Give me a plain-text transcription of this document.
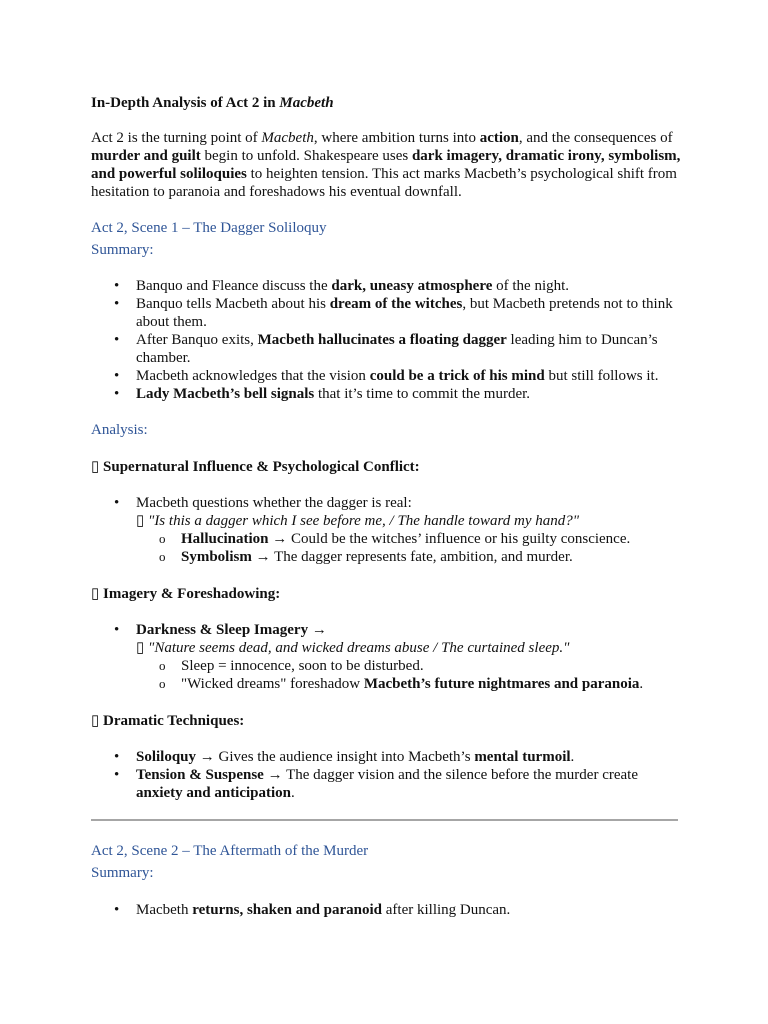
In-Depth Analysis of Act 2 in Macbeth
Act 2 is the turning point of Macbeth, where ambition turns into action, and the consequences of murder and guilt begin to unfold. Shakespeare uses dark imagery, dramatic irony, symbolism, and powerful soliloquies to heighten tension. This act marks Macbeth’s psychological shift from hesitation to paranoia and foreshadows his eventual downfall.
Act 2, Scene 1 – The Dagger Soliloquy
Summary:
• Banquo and Fleance discuss the dark, uneasy atmosphere of the night.
• Banquo tells Macbeth about his dream of the witches, but Macbeth pretends not to think about them.
• After Banquo exits, Macbeth hallucinates a floating dagger leading him to Duncan’s chamber.
• Macbeth acknowledges that the vision could be a trick of his mind but still follows it.
• Lady Macbeth’s bell signals that it’s time to commit the murder.
Analysis:
▯ Supernatural Influence & Psychological Conflict:
• Macbeth questions whether the dagger is real:
▯ "Is this a dagger which I see before me, / The handle toward my hand?"
o Hallucination → Could be the witches’ influence or his guilty conscience.
o Symbolism → The dagger represents fate, ambition, and murder.
▯ Imagery & Foreshadowing:
• Darkness & Sleep Imagery →
▯ "Nature seems dead, and wicked dreams abuse / The curtained sleep."
o Sleep = innocence, soon to be disturbed.
o "Wicked dreams" foreshadow Macbeth’s future nightmares and paranoia.
▯ Dramatic Techniques:
• Soliloquy → Gives the audience insight into Macbeth’s mental turmoil.
• Tension & Suspense → The dagger vision and the silence before the murder create anxiety and anticipation.
Act 2, Scene 2 – The Aftermath of the Murder
Summary:
• Macbeth returns, shaken and paranoid after killing Duncan.
